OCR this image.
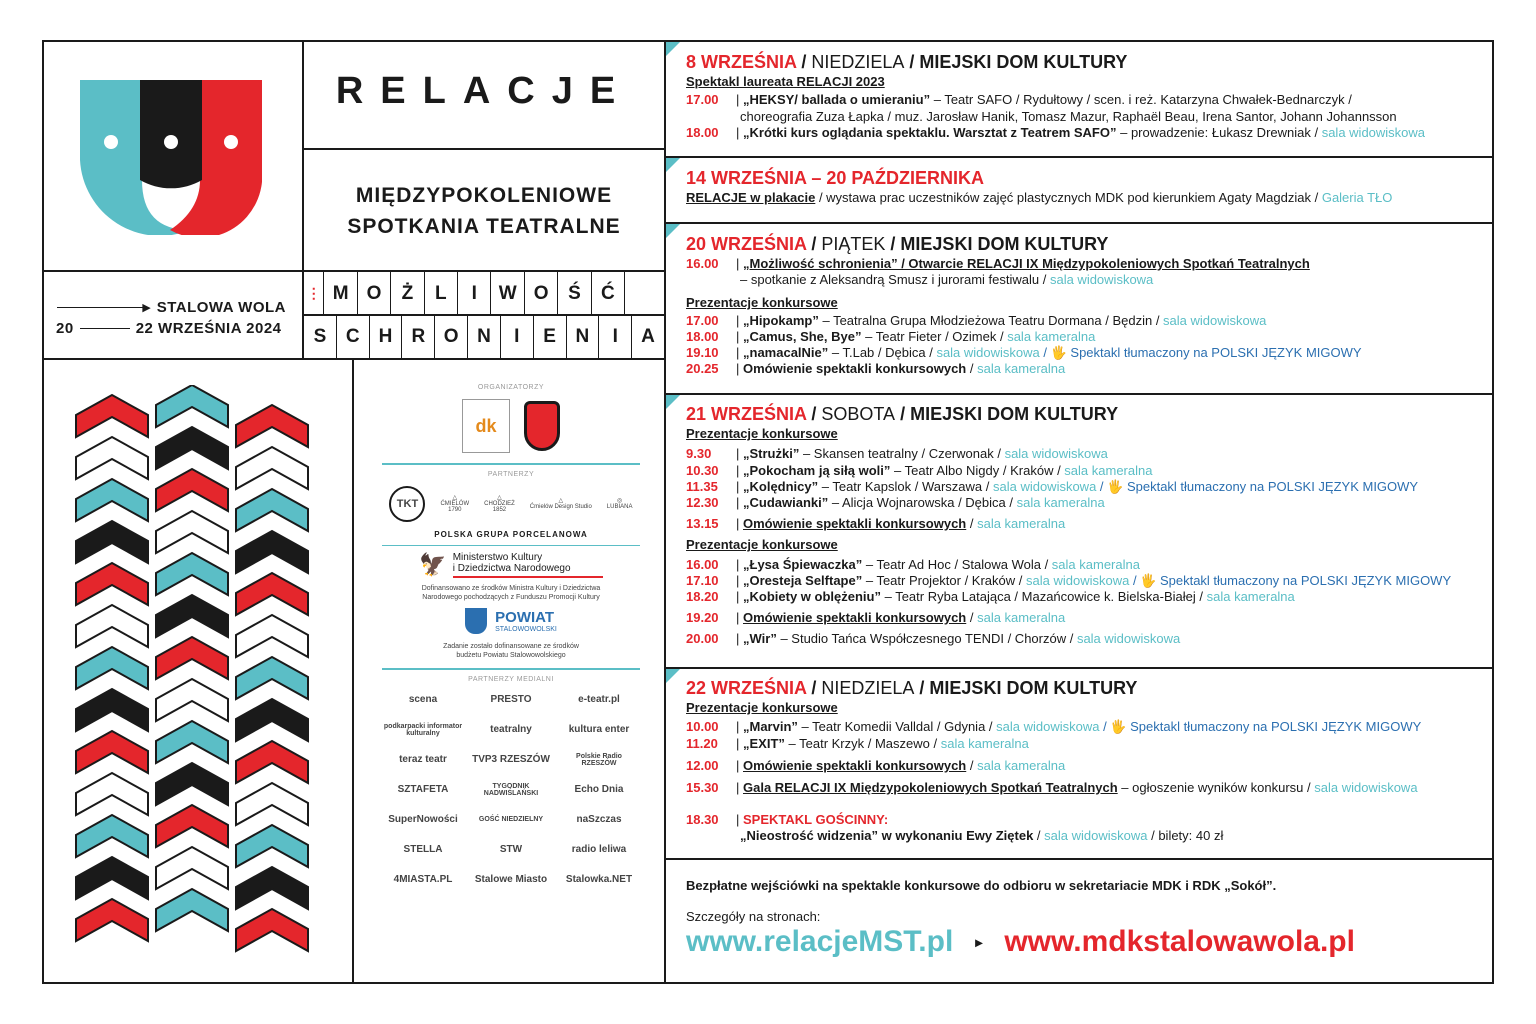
RELACJE
MIĘDZYPOKOLENIOWE
SPOTKANIA TEATRALNE
▸ STALOWA WOLA
20	22 WRZEŚNIA 2024
⋮ M O	Ż	L	I	W O	Ś	Ć
S	C	H	R O N	I	E	N	I	A
ORGANIZATORZY
dk
PARTNERZY
TKT	△
ĆMIELÓW
1790
△
CHODZIEŻ
1852
△
Ćmielów Design Studio
◎
LUBIANA
POLSKA GRUPA PORCELANOWA
🦅 Ministerstwo Kultury
i Dziedzictwa Narodowego
Dofinansowano ze środków Ministra Kultury i Dziedzictwa Narodowego pochodzących z Funduszu Promocji Kultury
POWIAT
STALOWOWOLSKI
Zadanie zostało dofinansowane ze środków budżetu Powiatu Stalowowolskiego
PARTNERZY MEDIALNI
scena	PRESTO	e-teatr.pl
podkarpacki informator kulturalny	teatralny	kultura enter
teraz teatr	TVP3 RZESZÓW	Polskie Radio RZESZÓW
SZTAFETA	TYGODNIK NADWIŚLAŃSKI	Echo Dnia
SuperNowości	GOŚĆ NIEDZIELNY	naSzczas
STELLA	STW	radio leliwa
4MIASTA.PL	Stalowe Miasto	Stalowka.NET
8 WRZEŚNIA / NIEDZIELA / MIEJSKI DOM KULTURY
Spektakl laureata RELACJI 2023
17.00	| „HEKSY/ ballada o umieraniu” – Teatr SAFO / Rydułtowy / scen. i reż. Katarzyna Chwałek-Bednarczyk /
choreografia Zuza Łapka / muz. Jarosław Hanik, Tomasz Mazur, Raphaël Beau, Irena Santor, Johann Johannsson
18.00	| „Krótki kurs oglądania spektaklu. Warsztat z Teatrem SAFO” – prowadzenie: Łukasz Drewniak / sala widowiskowa
14 WRZEŚNIA – 20 PAŹDZIERNIKA
RELACJE w plakacie / wystawa prac uczestników zajęć plastycznych MDK pod kierunkiem Agaty Magdziak / Galeria TŁO
20 WRZEŚNIA / PIĄTEK / MIEJSKI DOM KULTURY
16.00	| „Możliwość schronienia” / Otwarcie RELACJI IX Międzypokoleniowych Spotkań Teatralnych
– spotkanie z Aleksandrą Smusz i jurorami festiwalu / sala widowiskowa
Prezentacje konkursowe
17.00	| „Hipokamp” – Teatralna Grupa Młodzieżowa Teatru Dormana / Będzin / sala widowiskowa
18.00	| „Camus, She, Bye” – Teatr Fieter / Ozimek / sala kameralna
19.10	| „namacalNie” – T.Lab / Dębica / sala widowiskowa / 🖐 Spektakl tłumaczony na POLSKI JĘZYK MIGOWY
20.25	| Omówienie spektakli konkursowych / sala kameralna
21 WRZEŚNIA / SOBOTA / MIEJSKI DOM KULTURY
Prezentacje konkursowe
9.30	| „Strużki” – Skansen teatralny / Czerwonak / sala widowiskowa
10.30	| „Pokocham ją siłą woli” – Teatr Albo Nigdy / Kraków / sala kameralna
11.35	| „Kolędnicy” – Teatr Kapslok / Warszawa / sala widowiskowa / 🖐 Spektakl tłumaczony na POLSKI JĘZYK MIGOWY
12.30	| „Cudawianki” – Alicja Wojnarowska / Dębica / sala kameralna
13.15	| Omówienie spektakli konkursowych / sala kameralna
Prezentacje konkursowe
16.00	| „Łysa Śpiewaczka” – Teatr Ad Hoc / Stalowa Wola / sala kameralna
17.10	| „Oresteja Selftape” – Teatr Projektor / Kraków / sala widowiskowa / 🖐 Spektakl tłumaczony na POLSKI JĘZYK MIGOWY
18.20	| „Kobiety w oblężeniu” – Teatr Ryba Latająca / Mazańcowice k. Bielska-Białej / sala kameralna
19.20	| Omówienie spektakli konkursowych / sala kameralna
20.00	| „Wir” – Studio Tańca Współczesnego TENDI / Chorzów / sala widowiskowa
22 WRZEŚNIA / NIEDZIELA / MIEJSKI DOM KULTURY
Prezentacje konkursowe
10.00	| „Marvin” – Teatr Komedii Valldal / Gdynia / sala widowiskowa / 🖐 Spektakl tłumaczony na POLSKI JĘZYK MIGOWY
11.20	| „EXIT” – Teatr Krzyk / Maszewo / sala kameralna
12.00	| Omówienie spektakli konkursowych / sala kameralna
15.30	| Gala RELACJI IX Międzypokoleniowych Spotkań Teatralnych – ogłoszenie wyników konkursu / sala widowiskowa
18.30	| SPEKTAKL GOŚCINNY:
„Nieostrość widzenia” w wykonaniu Ewy Ziętek / sala widowiskowa / bilety: 40 zł
Bezpłatne wejściówki na spektakle konkursowe do odbioru w sekretariacie MDK i RDK „Sokół”.
Szczegóły na stronach:
www.relacjeMST.pl ▸ www.mdkstalowawola.pl
